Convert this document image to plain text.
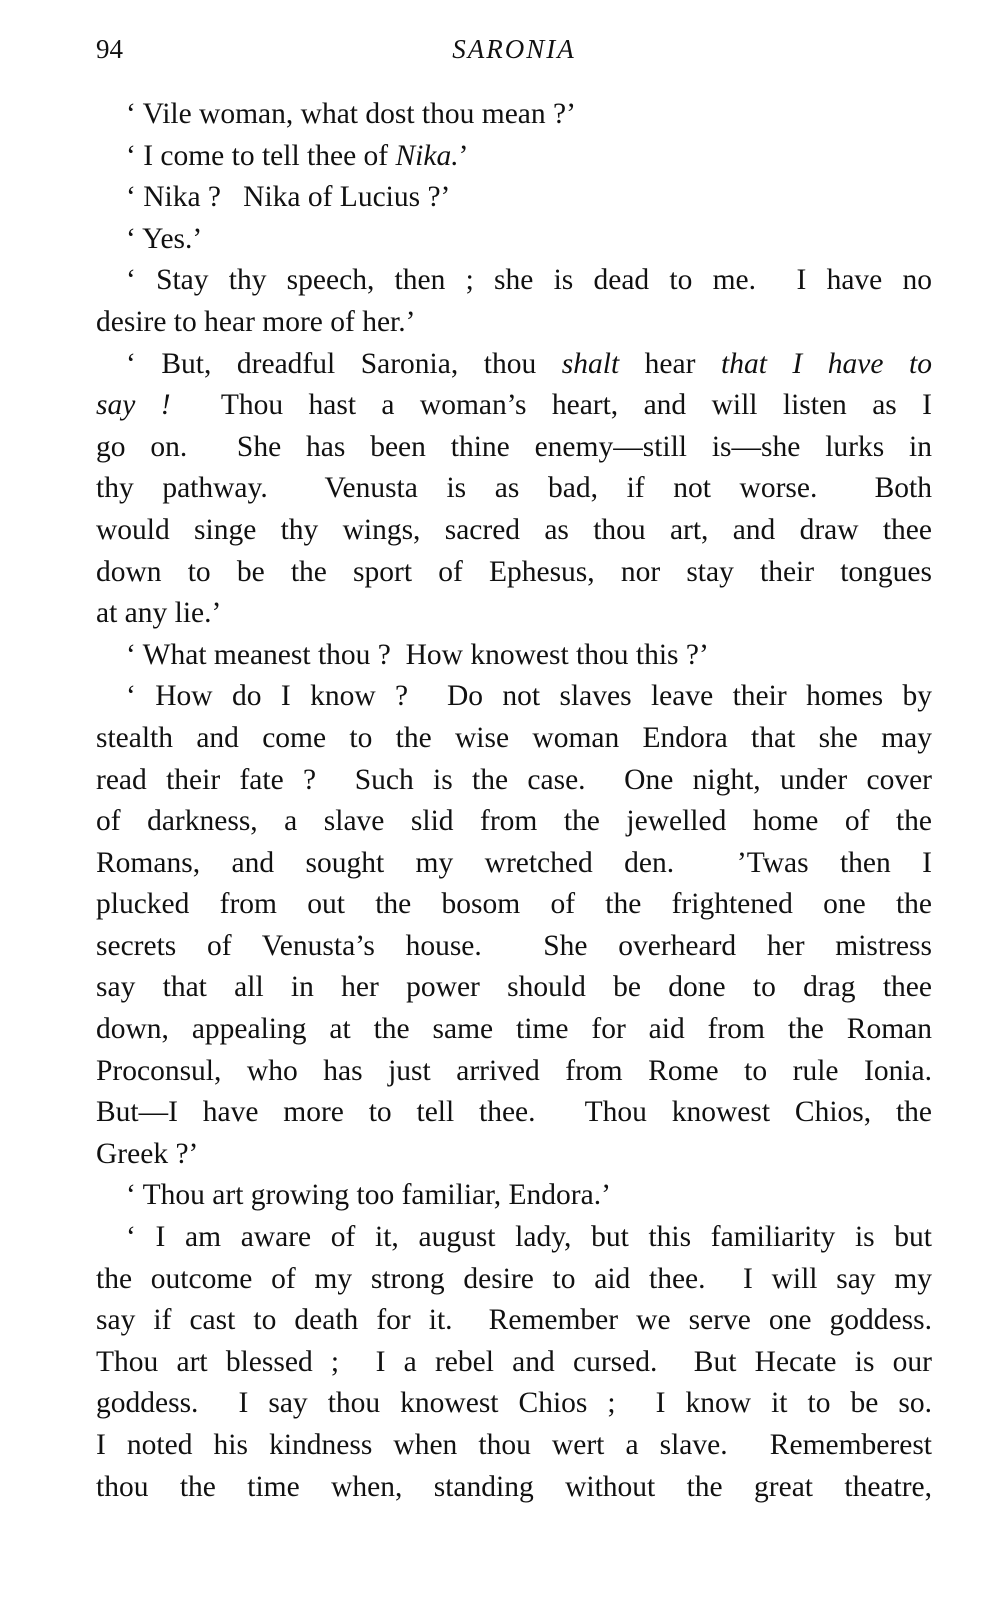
94	SARONIA
‘ Vile woman, what dost thou mean ?’
‘ I come to tell thee of Nika.’
‘ Nika ?   Nika of Lucius ?’
‘ Yes.’
‘ Stay thy speech, then ; she is dead to me.  I have no
desire to hear more of her.’
‘ But, dreadful Saronia, thou shalt hear that I have to
say !  Thou hast a woman’s heart, and will listen as I
go on.  She has been thine enemy—still is—she lurks in
thy pathway.  Venusta is as bad, if not worse.  Both
would singe thy wings, sacred as thou art, and draw thee
down to be the sport of Ephesus, nor stay their tongues
at any lie.’
‘ What meanest thou ?  How knowest thou this ?’
‘ How do I know ?  Do not slaves leave their homes by
stealth and come to the wise woman Endora that she may
read their fate ?  Such is the case.  One night, under cover
of darkness, a slave slid from the jewelled home of the
Romans, and sought my wretched den.  ’Twas then I
plucked from out the bosom of the frightened one the
secrets of Venusta’s house.  She overheard her mistress
say that all in her power should be done to drag thee
down, appealing at the same time for aid from the Roman
Proconsul, who has just arrived from Rome to rule Ionia.
But—I have more to tell thee.  Thou knowest Chios, the
Greek ?’
‘ Thou art growing too familiar, Endora.’
‘ I am aware of it, august lady, but this familiarity is but
the outcome of my strong desire to aid thee.  I will say my
say if cast to death for it.  Remember we serve one goddess.
Thou art blessed ;  I a rebel and cursed.  But Hecate is our
goddess.  I say thou knowest Chios ;  I know it to be so.
I noted his kindness when thou wert a slave.  Rememberest
thou the time when, standing without the great theatre,
